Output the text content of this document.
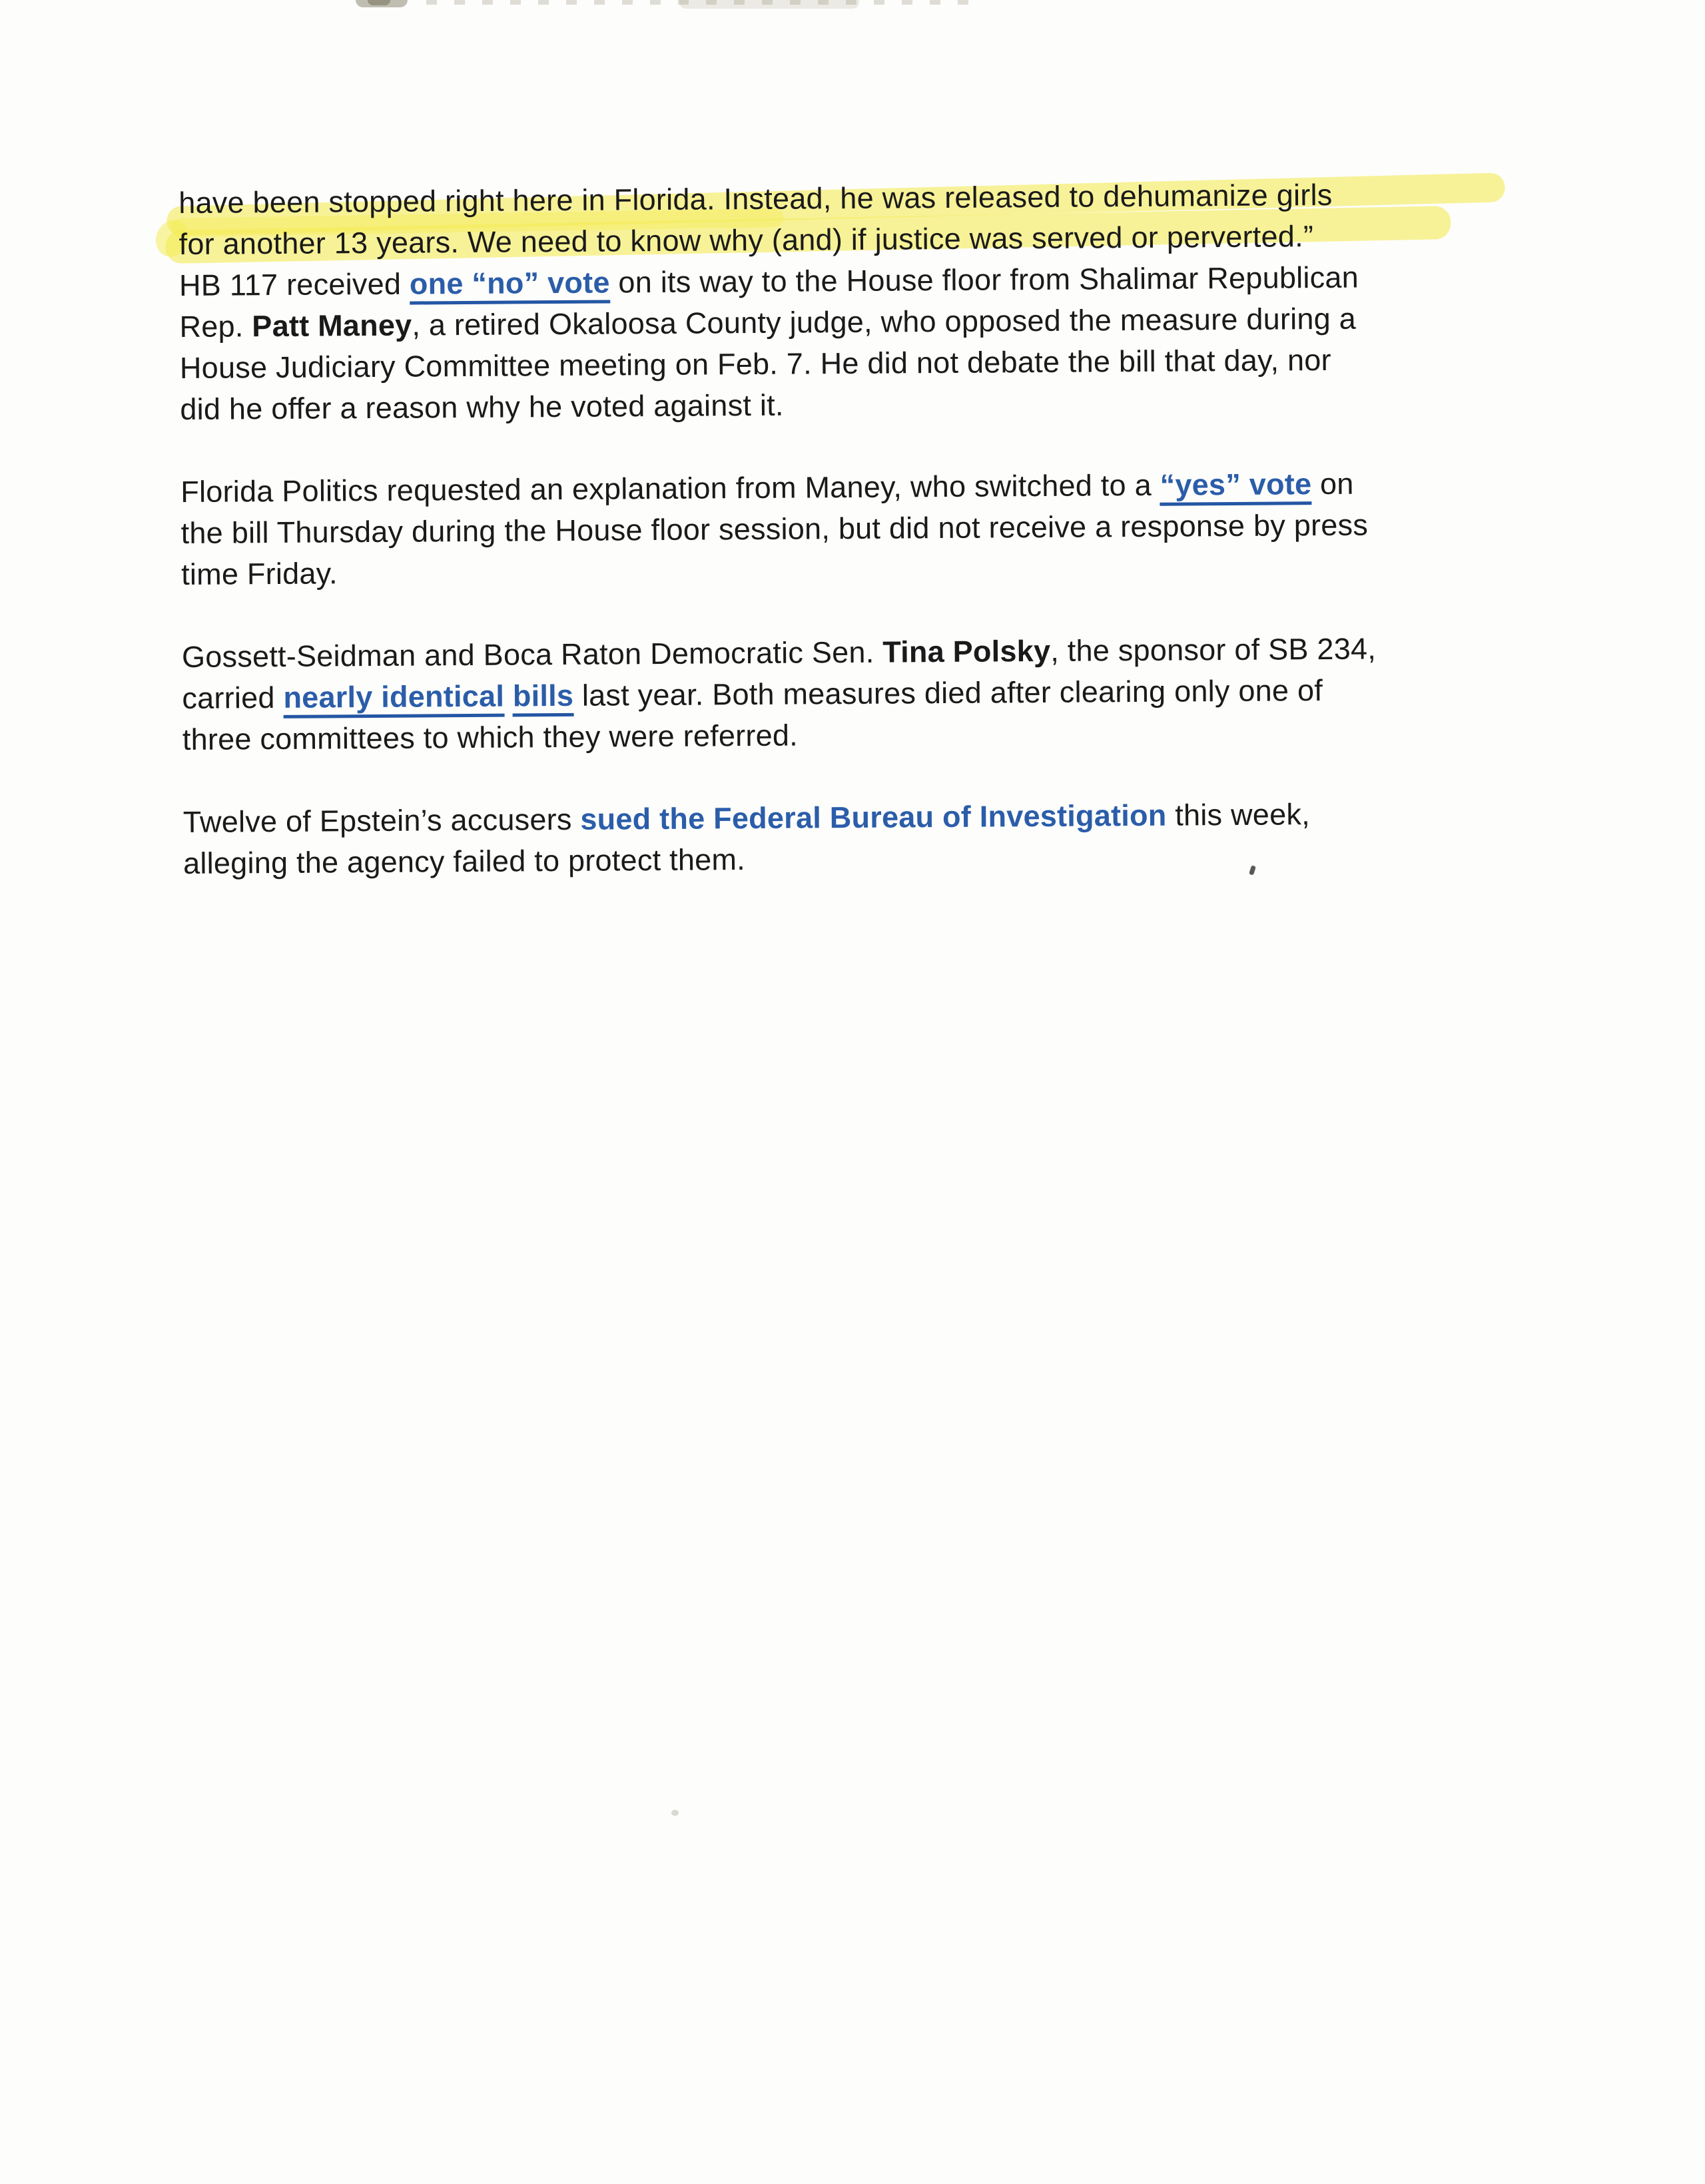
have been stopped right here in Florida. Instead, he was released to dehumanize girls
for another 13 years. We need to know why (and) if justice was served or perverted.”
HB 117 received one “no” vote on its way to the House floor from Shalimar Republican
Rep. Patt Maney, a retired Okaloosa County judge, who opposed the measure during a
House Judiciary Committee meeting on Feb. 7. He did not debate the bill that day, nor
did he offer a reason why he voted against it.
Florida Politics requested an explanation from Maney, who switched to a “yes” vote on
the bill Thursday during the House floor session, but did not receive a response by press
time Friday.
Gossett-Seidman and Boca Raton Democratic Sen. Tina Polsky, the sponsor of SB 234,
carried nearly identical bills last year. Both measures died after clearing only one of
three committees to which they were referred.
Twelve of Epstein’s accusers sued the Federal Bureau of Investigation this week,
alleging the agency failed to protect them.
